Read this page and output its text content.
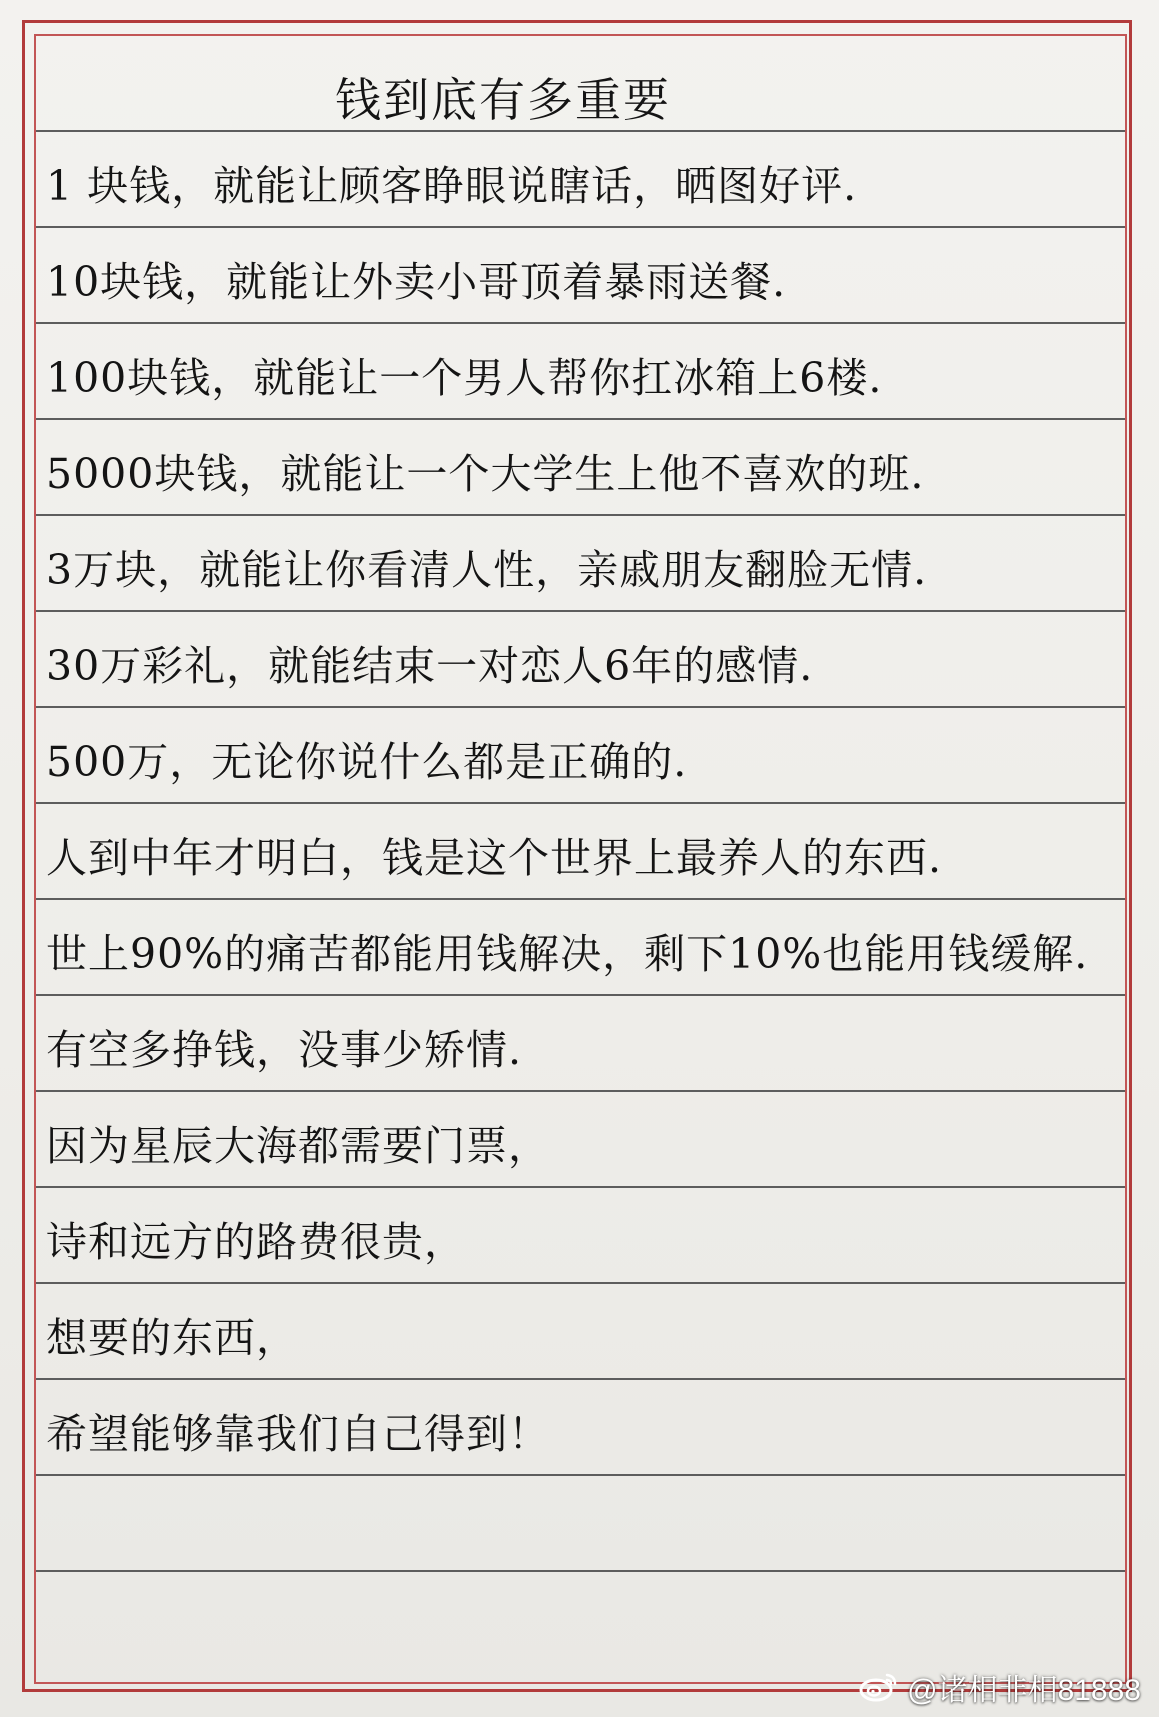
钱到底有多重要
1 块钱，就能让顾客睁眼说瞎话，晒图好评.
10块钱，就能让外卖小哥顶着暴雨送餐.
100块钱，就能让一个男人帮你扛冰箱上6楼.
5000块钱，就能让一个大学生上他不喜欢的班.
3万块，就能让你看清人性，亲戚朋友翻脸无情.
30万彩礼，就能结束一对恋人6年的感情.
500万，无论你说什么都是正确的.
人到中年才明白，钱是这个世界上最养人的东西.
世上90%的痛苦都能用钱解决，剩下10%也能用钱缓解.
有空多挣钱，没事少矫情.
因为星辰大海都需要门票，
诗和远方的路费很贵，
想要的东西，
希望能够靠我们自己得到！
@诸相非相81888
